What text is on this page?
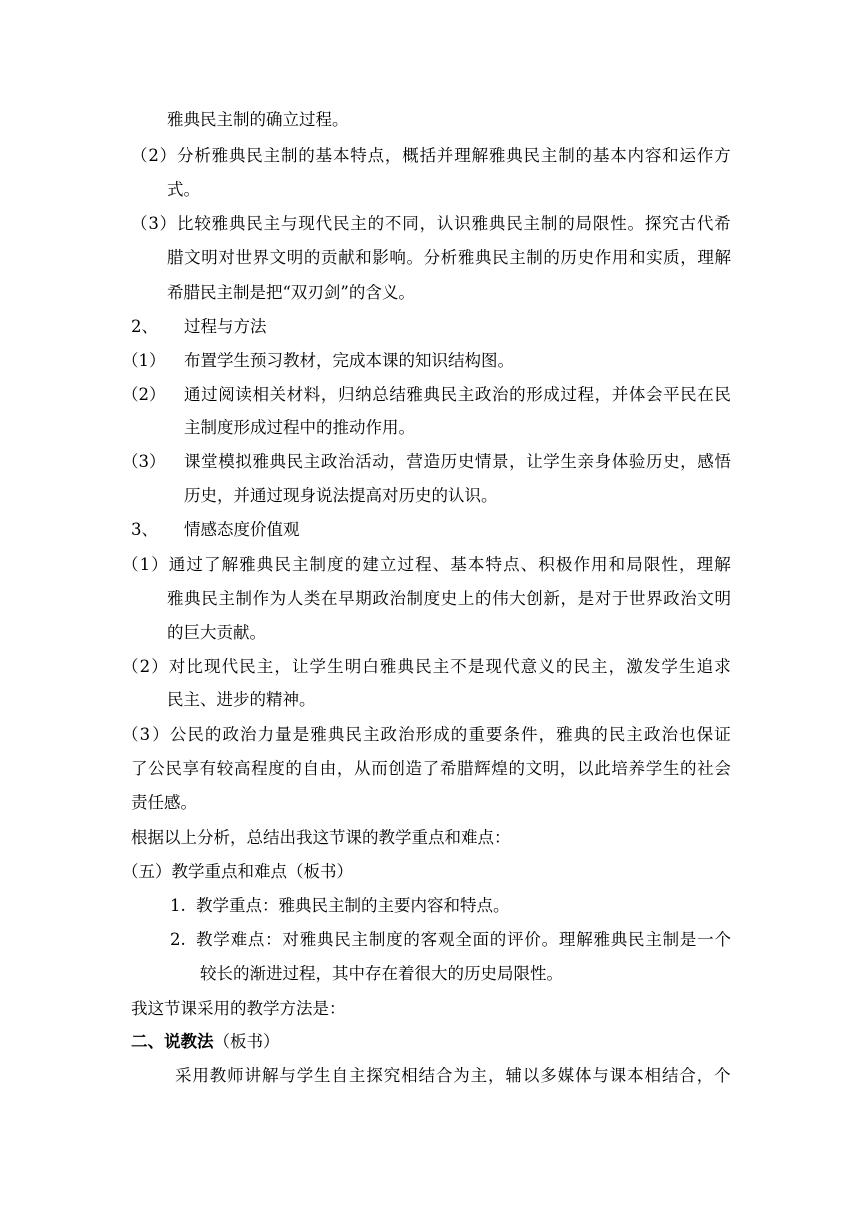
雅典民主制的确立过程。
（ 2 ） 分 析 雅 典 民 主 制 的 基 本 特 点 ， 概 括 并 理 解 雅 典 民 主 制 的 基 本 内 容 和 运 作 方
式。
（ 3 ） 比 较 雅 典 民 主 与 现 代 民 主 的 不 同 ， 认 识 雅 典 民 主 制 的 局 限 性 。 探 究 古 代 希
腊 文 明 对 世 界 文 明 的 贡 献 和 影 响 。 分 析 雅 典 民 主 制 的 历 史 作 用 和 实 质 ， 理 解
希腊民主制是把“双刃剑”的含义。
2、 过程与方法
（1） 布置学生预习教材，完成本课的知识结构图。
（2） 通 过 阅 读 相 关 材 料 ， 归 纳 总 结 雅 典 民 主 政 治 的 形 成 过 程 ， 并 体 会 平 民 在 民
主制度形成过程中的推动作用。
（3） 课 堂 模 拟 雅 典 民 主 政 治 活 动 ， 营 造 历 史 情 景 ， 让 学 生 亲 身 体 验 历 史 ， 感 悟
历史，并通过现身说法提高对历史的认识。
3、 情感态度价值观
（ 1 ） 通 过 了 解 雅 典 民 主 制 度 的 建 立 过 程 、 基 本 特 点 、 积 极 作 用 和 局 限 性 ， 理 解
雅 典 民 主 制 作 为 人 类 在 早 期 政 治 制 度 史 上 的 伟 大 创 新 ， 是 对 于 世 界 政 治 文 明
的巨大贡献。
（ 2 ） 对 比 现 代 民 主 ， 让 学 生 明 白 雅 典 民 主 不 是 现 代 意 义 的 民 主 ， 激 发 学 生 追 求
民主、进步的精神。
（ 3 ） 公 民 的 政 治 力 量 是 雅 典 民 主 政 治 形 成 的 重 要 条 件 ， 雅 典 的 民 主 政 治 也 保 证
了 公 民 享 有 较 高 程 度 的 自 由 ， 从 而 创 造 了 希 腊 辉 煌 的 文 明 ， 以 此 培 养 学 生 的 社 会
责任感。
根据以上分析，总结出我这节课的教学重点和难点：
（五）教学重点和难点（板书）
1. 教学重点：雅典民主制的主要内容和特点。
2. 教 学 难 点 ： 对 雅 典 民 主 制 度 的 客 观 全 面 的 评 价 。 理 解 雅 典 民 主 制 是 一 个
较长的渐进过程，其中存在着很大的历史局限性。
我这节课采用的教学方法是：
二、说教法（板书）
采 用 教 师 讲 解 与 学 生 自 主 探 究 相 结 合 为 主 ， 辅 以 多 媒 体 与 课 本 相 结 合 ， 个
